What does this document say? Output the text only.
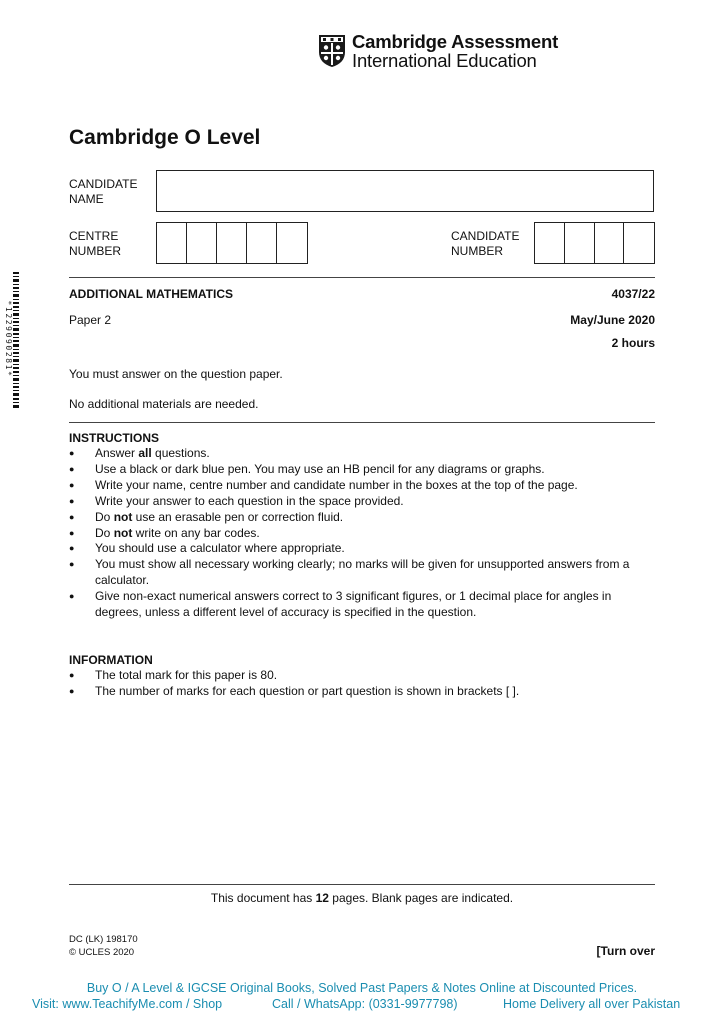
Cambridge Assessment
International Education
Cambridge O Level
CANDIDATE
NAME
CENTRE
NUMBER
CANDIDATE
NUMBER
*1229090281*
ADDITIONAL MATHEMATICS	4037/22
Paper 2	May/June 2020
2 hours
You must answer on the question paper.
No additional materials are needed.
INSTRUCTIONS
● Answer all questions.
● Use a black or dark blue pen. You may use an HB pencil for any diagrams or graphs.
● Write your name, centre number and candidate number in the boxes at the top of the page.
● Write your answer to each question in the space provided.
● Do not use an erasable pen or correction fluid.
● Do not write on any bar codes.
● You should use a calculator where appropriate.
● You must show all necessary working clearly; no marks will be given for unsupported answers from a calculator.
● Give non-exact numerical answers correct to 3 significant figures, or 1 decimal place for angles in degrees, unless a different level of accuracy is specified in the question.
INFORMATION
● The total mark for this paper is 80.
● The number of marks for each question or part question is shown in brackets [ ].
This document has 12 pages. Blank pages are indicated.
DC (LK) 198170
© UCLES 2020	[Turn over
Buy O / A Level & IGCSE Original Books, Solved Past Papers & Notes Online at Discounted Prices.
Visit: www.TeachifyMe.com / Shop	Call / WhatsApp: (0331-9977798)	Home Delivery all over Pakistan
